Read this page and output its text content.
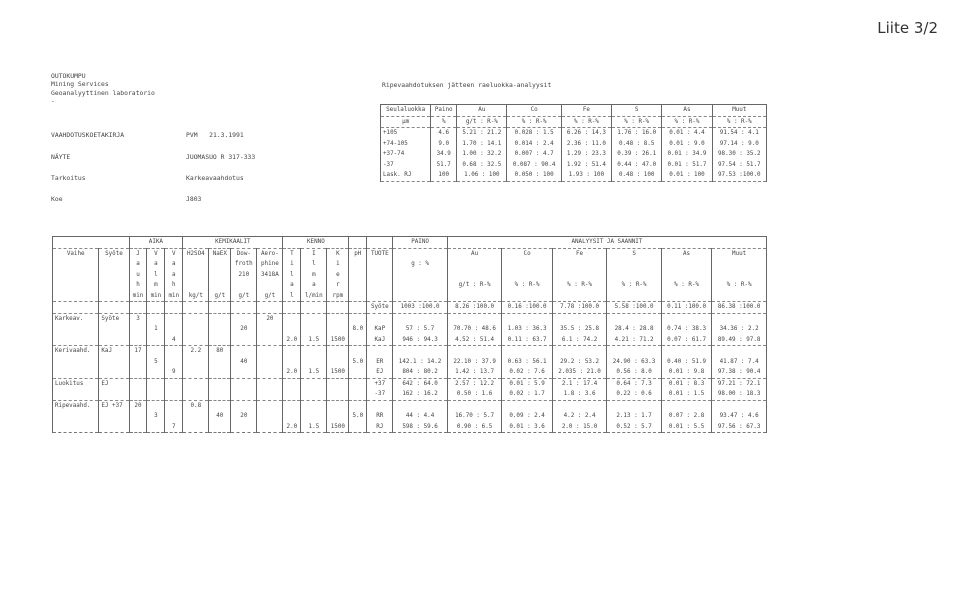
Liite 3/2
OUTOKUMPU
Mining Services
Geoanalyyttinen laboratorio
-
Ripevaahdotuksen jätteen raeluokka-analyysit
VAAHDOTUSKOETAKIRJA	PVM 21.3.1991
NÄYTE	JUOMASUO R 317-333
Tarkoitus	Karkeavaahdotus
Koe	J803
Seulaluokka	Paino	Au	Co	Fe	S	As	Muut
µm	%	g/t : R-%	% : R-%	% : R-%	% : R-%	% : R-%	% : R-%
+105	4.6	5.21 : 21.2	0.028 : 1.5	6.26 : 14.3	1.76 : 16.0	0.01 : 4.4	91.54 : 4.1
+74-105	9.0	1.70 : 14.1	0.014 : 2.4	2.36 : 11.0	0.48 : 8.5	0.01 : 9.0	97.14 : 9.0
+37-74	34.9	1.00 : 32.2	0.007 : 4.7	1.29 : 23.3	0.39 : 26.1	0.01 : 34.9	98.30 : 35.2
-37	51.7	0.68 : 32.5	0.087 : 90.4	1.92 : 51.4	0.44 : 47.0	0.01 : 51.7	97.54 : 51.7
Lask. RJ	100	1.06 : 100	0.050 : 100	1.93 : 100	0.48 : 100	0.01 : 100	97.53 :100.0
		AIKA			KEMIKAALIT				KENNO					PAINO	ANALYYSIT JA SAANNIT					
Vaihe	Syöte	J	V	V	H2SO4	NaEX	Dow-	Aero-	T	I	K	pH	TUOTE		Au	Co	Fe	S	As	Muut
		a	a	a			froth	phine	i	l	i			g : %						
		u	l	a			210	3418A	l	m	e									
		h	m	h					a	a	r				g/t : R-%	% : R-%	% : R-%	% : R-%	% : R-%	% : R-%
		min	min	min	kg/t	g/t	g/t	g/t	l	l/min	rpm									
													Syöte	1003 :100.0	8.26 :100.0	0.16 :100.0	7.78 :100.0	5.58 :100.0	0.11 :100.0	86.38 :100.0
Karkeav.	Syöte	3						20												
			1				20					8.0	KaP	57 : 5.7	70.70 : 48.6	1.03 : 36.3	35.5 : 25.8	28.4 : 28.8	0.74 : 38.3	34.36 : 2.2
				4					2.0	1.5	1500		KaJ	946 : 94.3	4.52 : 51.4	0.11 : 63.7	6.1 : 74.2	4.21 : 71.2	0.07 : 61.7	89.49 : 97.8
Kerivaahd.	KaJ	17			2.2	80														
			5				40					5.0	ER	142.1 : 14.2	22.10 : 37.9	0.63 : 56.1	29.2 : 53.2	24.90 : 63.3	0.40 : 51.9	41.87 : 7.4
				9					2.0	1.5	1500		EJ	804 : 80.2	1.42 : 13.7	0.02 : 7.6	2.035 : 21.0	0.56 : 8.0	0.01 : 9.8	97.38 : 90.4
Luokitus	EJ												+37	642 : 64.0	2.57 : 12.2	0.01 : 5.9	2.1 : 17.4	0.64 : 7.3	0.01 : 8.3	97.21 : 72.1
													-37	162 : 16.2	0.50 : 1.6	0.02 : 1.7	1.8 : 3.6	0.22 : 0.6	0.01 : 1.5	98.00 : 18.3
Ripevaahd.	EJ +37	20			0.8															
			3			40	20					5.0	RR	44 : 4.4	16.70 : 5.7	0.09 : 2.4	4.2 : 2.4	2.13 : 1.7	0.07 : 2.8	93.47 : 4.6
				7					2.0	1.5	1500		RJ	598 : 59.6	0.90 : 6.5	0.01 : 3.6	2.0 : 15.0	0.52 : 5.7	0.01 : 5.5	97.56 : 67.3
